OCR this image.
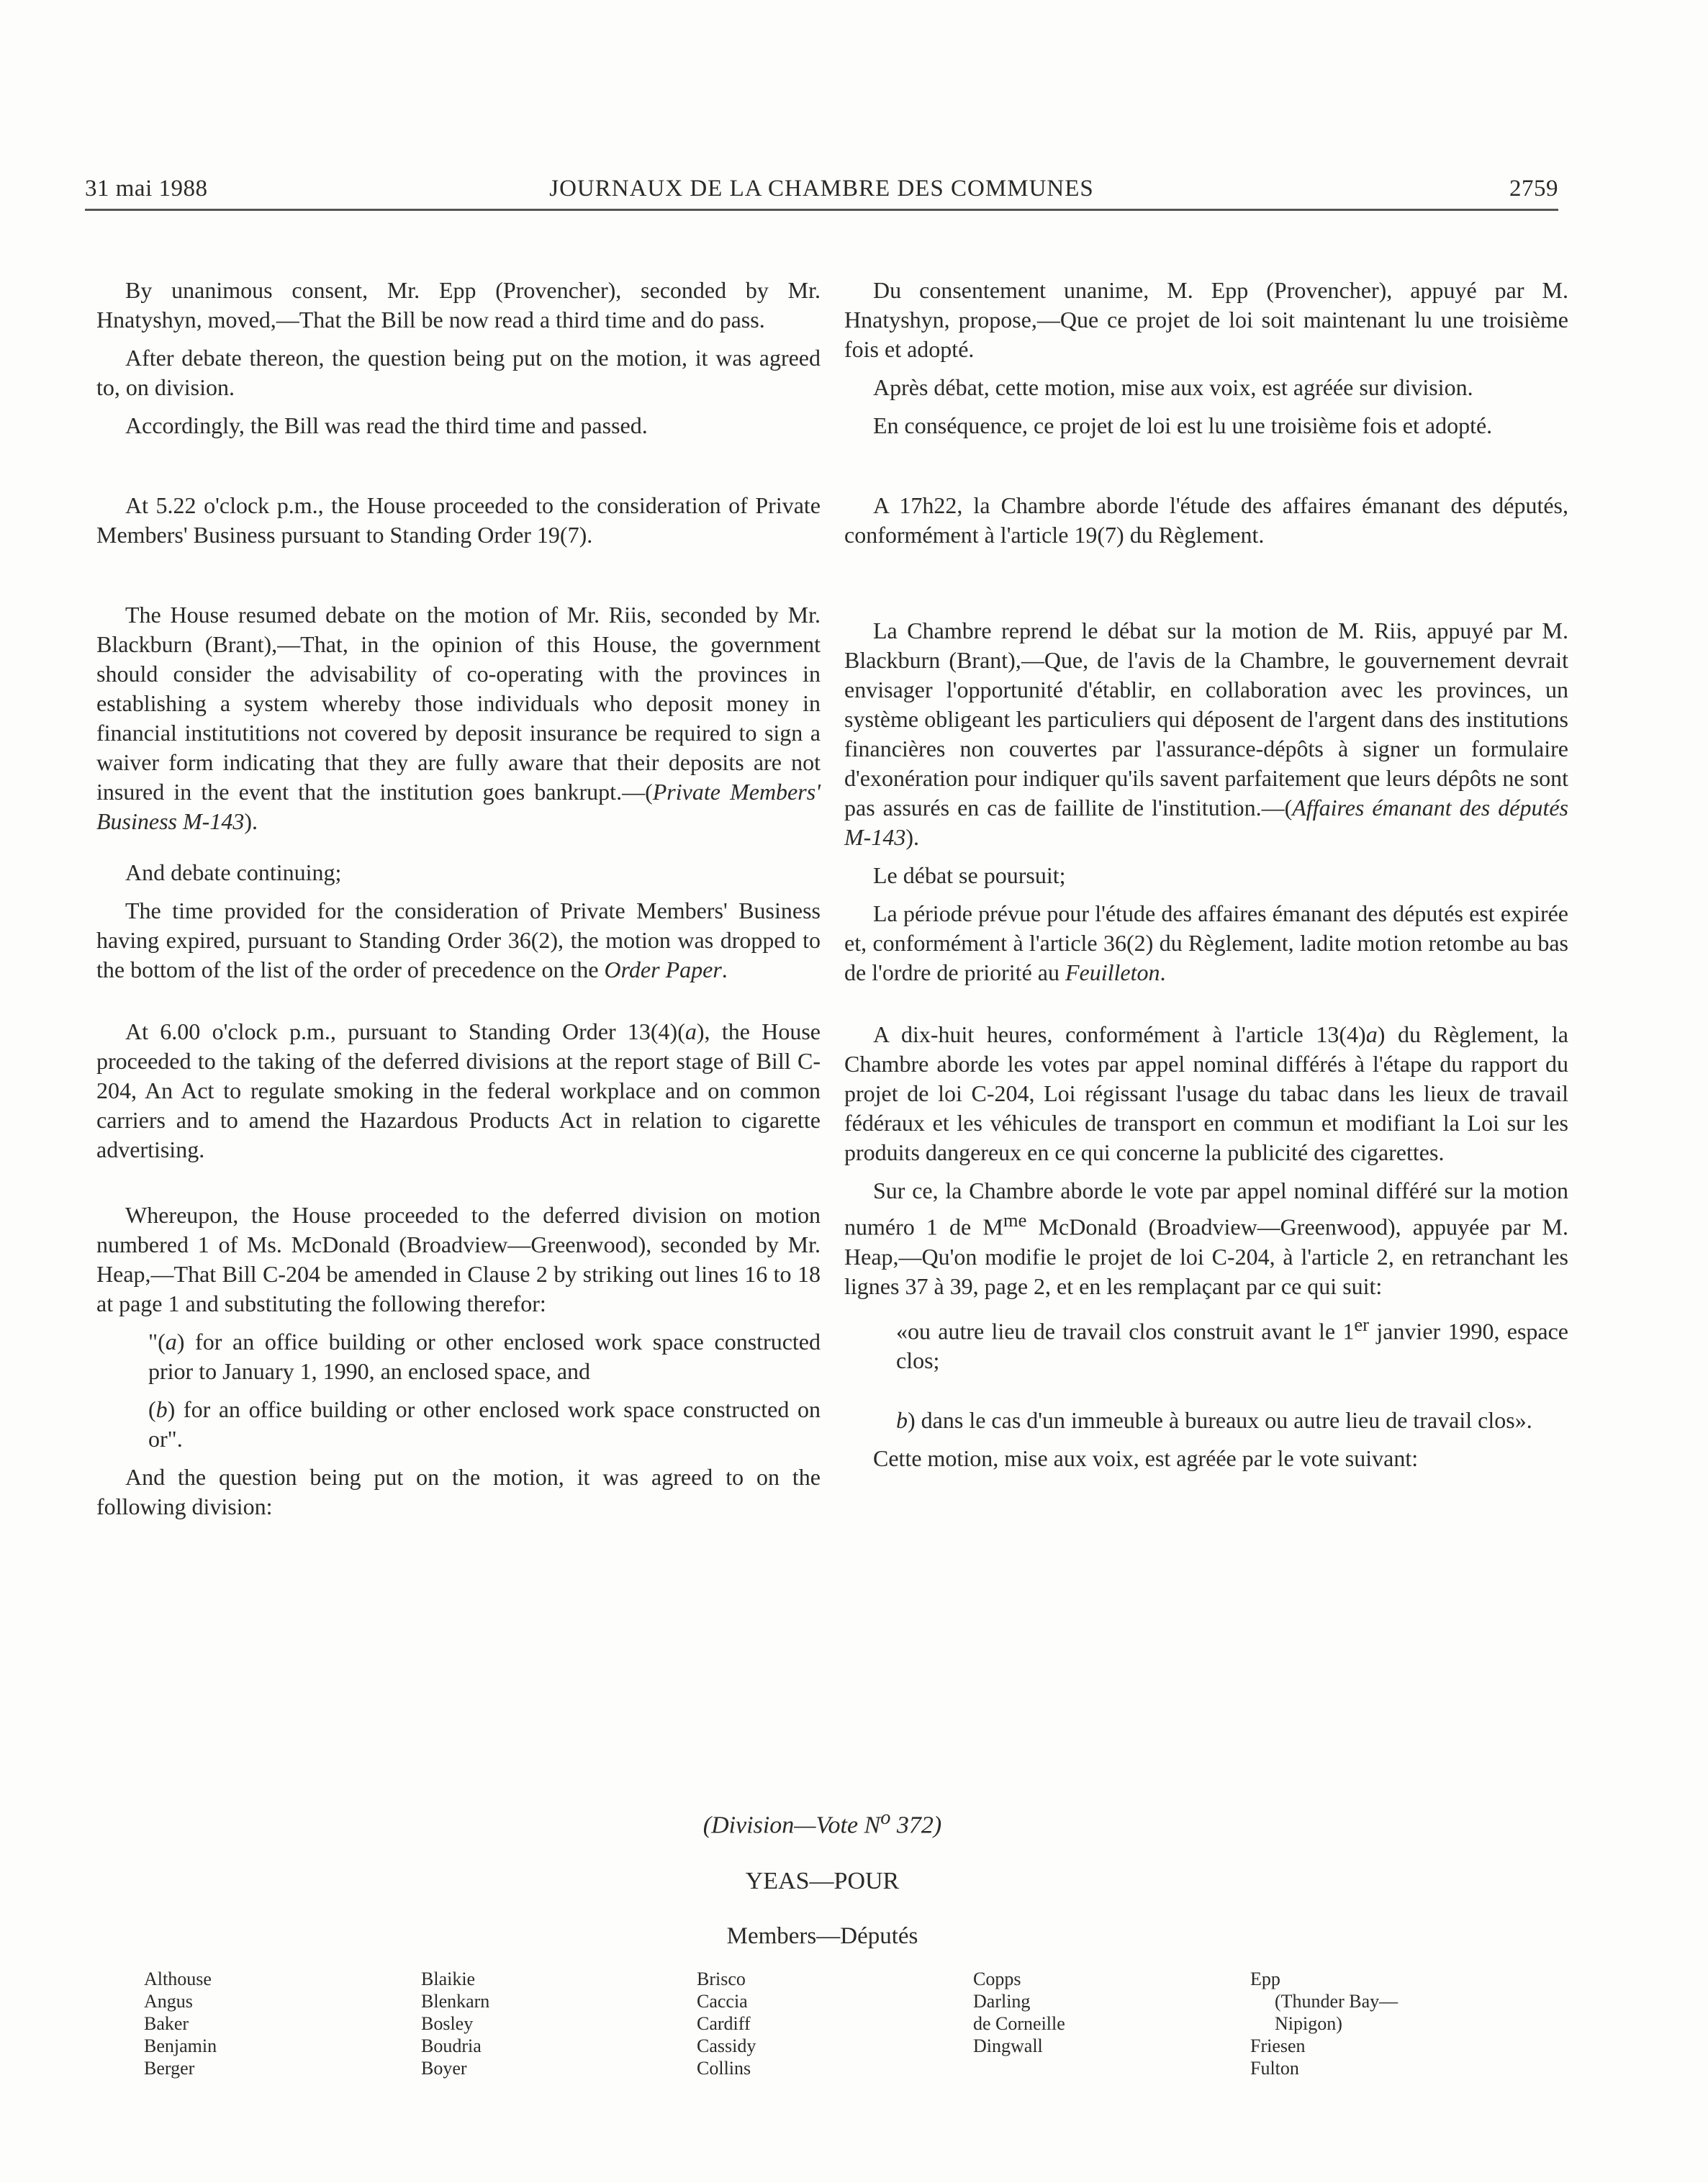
31 mai 1988	JOURNAUX DE LA CHAMBRE DES COMMUNES	2759

By unanimous consent, Mr. Epp (Provencher), seconded by Mr. Hnatyshyn, moved,—That the Bill be now read a third time and do pass.

After debate thereon, the question being put on the motion, it was agreed to, on division.

Accordingly, the Bill was read the third time and passed.

At 5.22 o'clock p.m., the House proceeded to the consideration of Private Members' Business pursuant to Standing Order 19(7).

The House resumed debate on the motion of Mr. Riis, seconded by Mr. Blackburn (Brant),—That, in the opinion of this House, the government should consider the advisability of co-operating with the provinces in establishing a system whereby those individuals who deposit money in financial institutitions not covered by deposit insurance be required to sign a waiver form indicating that they are fully aware that their deposits are not insured in the event that the institution goes bankrupt.—(Private Members' Business M-143).

And debate continuing;

The time provided for the consideration of Private Members' Business having expired, pursuant to Standing Order 36(2), the motion was dropped to the bottom of the list of the order of precedence on the Order Paper.

At 6.00 o'clock p.m., pursuant to Standing Order 13(4)(a), the House proceeded to the taking of the deferred divisions at the report stage of Bill C-204, An Act to regulate smoking in the federal workplace and on common carriers and to amend the Hazardous Products Act in relation to cigarette advertising.

Whereupon, the House proceeded to the deferred division on motion numbered 1 of Ms. McDonald (Broadview—Greenwood), seconded by Mr. Heap,—That Bill C-204 be amended in Clause 2 by striking out lines 16 to 18 at page 1 and substituting the following therefor:

"(a) for an office building or other enclosed work space constructed prior to January 1, 1990, an enclosed space, and

(b) for an office building or other enclosed work space constructed on or".

And the question being put on the motion, it was agreed to on the following division:

Du consentement unanime, M. Epp (Provencher), appuyé par M. Hnatyshyn, propose,—Que ce projet de loi soit maintenant lu une troisième fois et adopté.

Après débat, cette motion, mise aux voix, est agréée sur division.

En conséquence, ce projet de loi est lu une troisième fois et adopté.

A 17h22, la Chambre aborde l'étude des affaires émanant des députés, conformément à l'article 19(7) du Règlement.

La Chambre reprend le débat sur la motion de M. Riis, appuyé par M. Blackburn (Brant),—Que, de l'avis de la Chambre, le gouvernement devrait envisager l'opportunité d'établir, en collaboration avec les provinces, un système obligeant les particuliers qui déposent de l'argent dans des institutions financières non couvertes par l'assurance-dépôts à signer un formulaire d'exonération pour indiquer qu'ils savent parfaitement que leurs dépôts ne sont pas assurés en cas de faillite de l'institution.—(Affaires émanant des députés M-143).

Le débat se poursuit;

La période prévue pour l'étude des affaires émanant des députés est expirée et, conformément à l'article 36(2) du Règlement, ladite motion retombe au bas de l'ordre de priorité au Feuilleton.

A dix-huit heures, conformément à l'article 13(4)a) du Règlement, la Chambre aborde les votes par appel nominal différés à l'étape du rapport du projet de loi C-204, Loi régissant l'usage du tabac dans les lieux de travail fédéraux et les véhicules de transport en commun et modifiant la Loi sur les produits dangereux en ce qui concerne la publicité des cigarettes.

Sur ce, la Chambre aborde le vote par appel nominal différé sur la motion numéro 1 de $M^{me}$ McDonald (Broadview—Greenwood), appuyée par M. Heap,—Qu'on modifie le projet de loi C-204, à l'article 2, en retranchant les lignes 37 à 39, page 2, et en les remplaçant par ce qui suit:

«ou autre lieu de travail clos construit avant le 1er janvier 1990, espace clos;

b) dans le cas d'un immeuble à bureaux ou autre lieu de travail clos».

Cette motion, mise aux voix, est agréée par le vote suivant:

(Division—Vote $N^o$ 372)
YEAS—POUR
Members—Députés
Althouse
Angus
Baker
Benjamin
Berger
Blaikie
Blenkarn
Bosley
Boudria
Boyer
Brisco
Caccia
Cardiff
Cassidy
Collins
Copps
Darling
de Corneille
Dingwall
Epp
(Thunder Bay—
Nipigon)
Friesen
Fulton
